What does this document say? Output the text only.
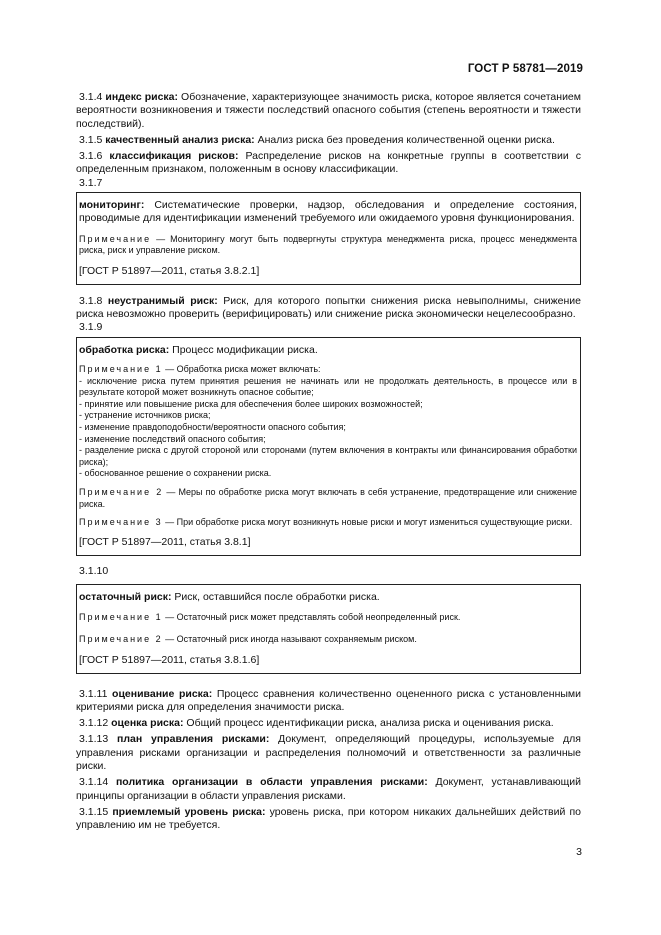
ГОСТ Р 58781—2019

3.1.4 индекс риска: Обозначение, характеризующее значимость риска, которое является сочетанием вероятности возникновения и тяжести последствий опасного события (степень вероятности и тяжести последствий).

3.1.5 качественный анализ риска: Анализ риска без проведения количественной оценки риска.

3.1.6 классификация рисков: Распределение рисков на конкретные группы в соответствии с определенным признаком, положенным в основу классификации.

3.1.7

мониторинг: Систематические проверки, надзор, обследования и определение состояния, проводимые для идентификации изменений требуемого или ожидаемого уровня функционирования.

Примечание — Мониторингу могут быть подвергнуты структура менеджмента риска, процесс менеджмента риска, риск и управление риском.

[ГОСТ Р 51897—2011, статья 3.8.2.1]

3.1.8 неустранимый риск: Риск, для которого попытки снижения риска невыполнимы, снижение риска невозможно проверить (верифицировать) или снижение риска экономически нецелесообразно.

3.1.9

обработка риска: Процесс модификации риска.

Примечание 1 — Обработка риска может включать:

- исключение риска путем принятия решения не начинать или не продолжать деятельность, в процессе или в результате которой может возникнуть опасное событие;

- принятие или повышение риска для обеспечения более широких возможностей;

- устранение источников риска;

- изменение правдоподобности/вероятности опасного события;

- изменение последствий опасного события;

- разделение риска с другой стороной или сторонами (путем включения в контракты или финансирования обработки риска);

- обоснованное решение о сохранении риска.

Примечание 2 — Меры по обработке риска могут включать в себя устранение, предотвращение или снижение риска.

Примечание 3 — При обработке риска могут возникнуть новые риски и могут измениться существующие риски.

[ГОСТ Р 51897—2011, статья 3.8.1]

3.1.10

остаточный риск: Риск, оставшийся после обработки риска.

Примечание 1 — Остаточный риск может представлять собой неопределенный риск.

Примечание 2 — Остаточный риск иногда называют сохраняемым риском.

[ГОСТ Р 51897—2011, статья 3.8.1.6]

3.1.11 оценивание риска: Процесс сравнения количественно оцененного риска с установленными критериями риска для определения значимости риска.

3.1.12 оценка риска: Общий процесс идентификации риска, анализа риска и оценивания риска.

3.1.13 план управления рисками: Документ, определяющий процедуры, используемые для управления рисками организации и распределения полномочий и ответственности за различные риски.

3.1.14 политика организации в области управления рисками: Документ, устанавливающий принципы организации в области управления рисками.

3.1.15 приемлемый уровень риска: уровень риска, при котором никаких дальнейших действий по управлению им не требуется.

3
